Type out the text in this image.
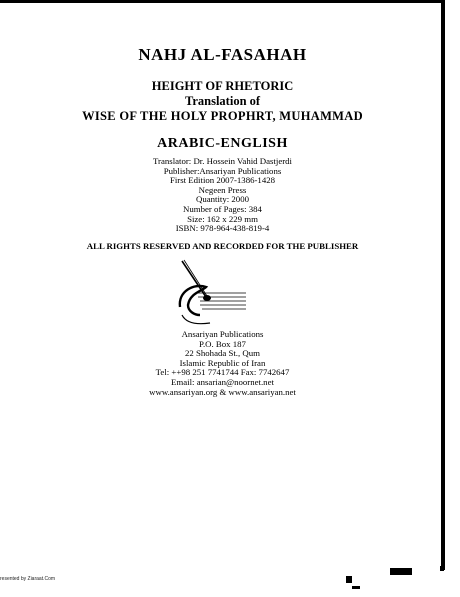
NAHJ AL-FASAHAH
HEIGHT OF RHETORIC
Translation of
WISE OF THE HOLY PROPHRT, MUHAMMAD
ARABIC-ENGLISH
Translator: Dr. Hossein Vahid Dastjerdi
Publisher:Ansariyan Publications
First Edition 2007-1386-1428
Negeen Press
Quantity: 2000
Number of Pages: 384
Size: 162 x 229 mm
ISBN: 978-964-438-819-4
ALL RIGHTS RESERVED AND RECORDED FOR THE PUBLISHER
Ansariyan Publications
P.O. Box 187
22 Shohada St., Qum
Islamic Republic of Iran
Tel: ++98 251 7741744 Fax: 7742647
Email: ansarian@noornet.net
www.ansariyan.org & www.ansariyan.net
resented by Ziaraat.Com
